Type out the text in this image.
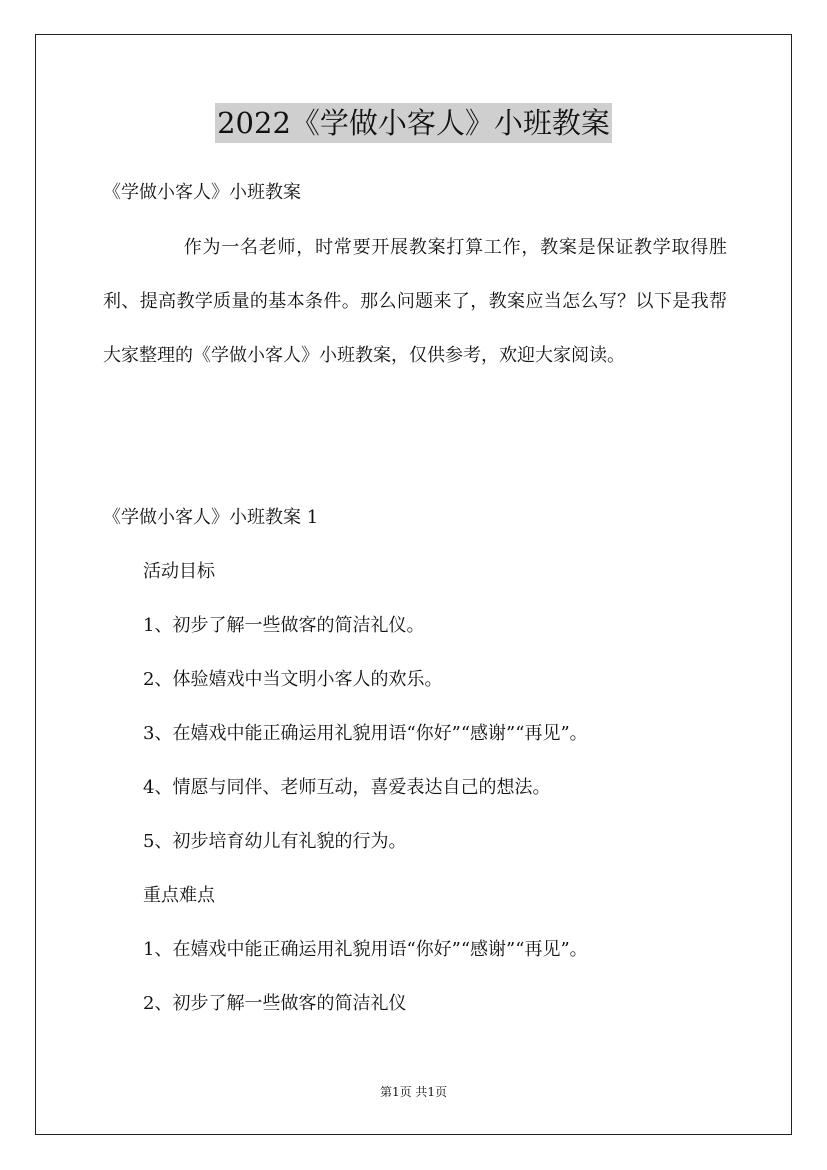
2022《学做小客人》小班教案
《学做小客人》小班教案

作为一名老师，时常要开展教案打算工作，教案是保证教学取得胜利、提高教学质量的基本条件。那么问题来了，教案应当怎么写？以下是我帮大家整理的《学做小客人》小班教案，仅供参考，欢迎大家阅读。

《学做小客人》小班教案 1
活动目标
1、初步了解一些做客的简洁礼仪。
2、体验嬉戏中当文明小客人的欢乐。
3、在嬉戏中能正确运用礼貌用语“你好”“感谢”“再见”。
4、情愿与同伴、老师互动，喜爱表达自己的想法。
5、初步培育幼儿有礼貌的行为。
重点难点
1、在嬉戏中能正确运用礼貌用语“你好”“感谢”“再见”。
2、初步了解一些做客的简洁礼仪
第1页 共1页
